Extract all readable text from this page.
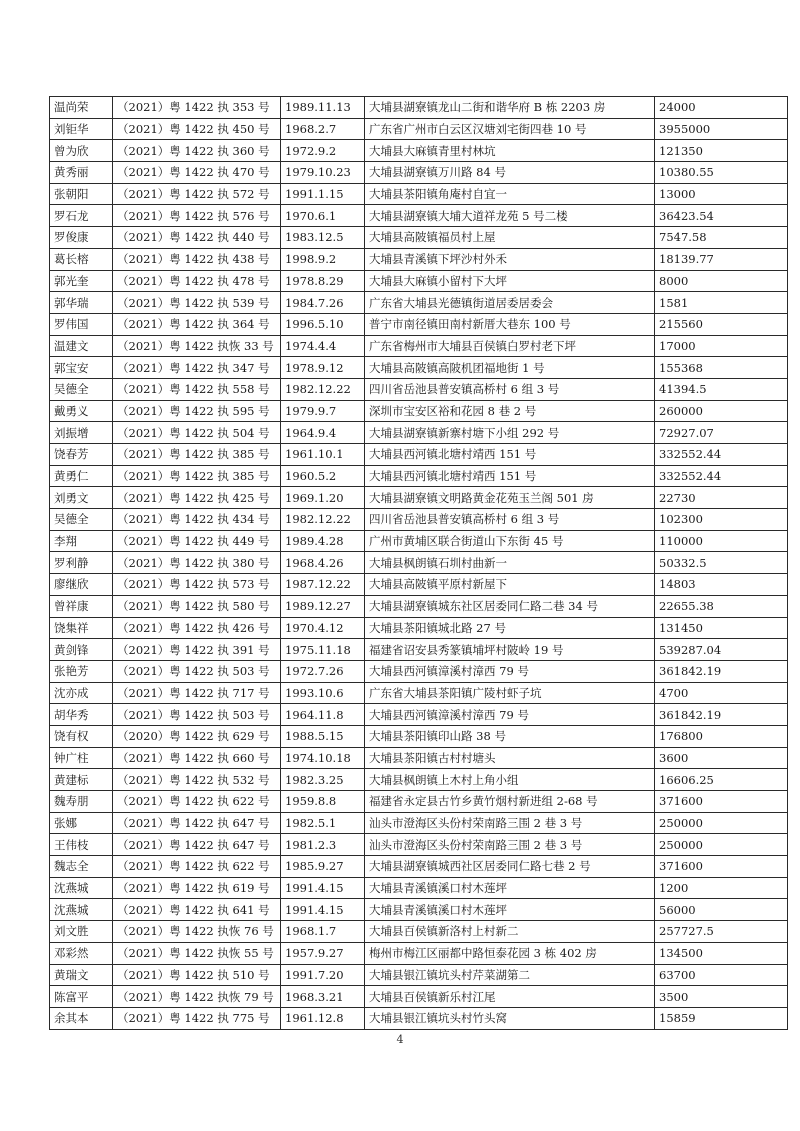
温尚荣	（2021）粤 1422 执 353 号	1989.11.13	大埔县湖寮镇龙山二街和谐华府 B 栋 2203 房	24000
刘钜华	（2021）粤 1422 执 450 号	1968.2.7	广东省广州市白云区汉塘刘宅街四巷 10 号	3955000
曾为欣	（2021）粤 1422 执 360 号	1972.9.2	大埔县大麻镇青里村林坑	121350
黄秀丽	（2021）粤 1422 执 470 号	1979.10.23	大埔县湖寮镇万川路 84 号	10380.55
张朝阳	（2021）粤 1422 执 572 号	1991.1.15	大埔县茶阳镇角庵村自宜一	13000
罗石龙	（2021）粤 1422 执 576 号	1970.6.1	大埔县湖寮镇大埔大道祥龙苑 5 号二楼	36423.54
罗俊康	（2021）粤 1422 执 440 号	1983.12.5	大埔县高陂镇福员村上屋	7547.58
葛长榕	（2021）粤 1422 执 438 号	1998.9.2	大埔县青溪镇下坪沙村外禾	18139.77
郭光奎	（2021）粤 1422 执 478 号	1978.8.29	大埔县大麻镇小留村下大坪	8000
郭华瑞	（2021）粤 1422 执 539 号	1984.7.26	广东省大埔县光德镇街道居委居委会	1581
罗伟国	（2021）粤 1422 执 364 号	1996.5.10	普宁市南径镇田南村新厝大巷东 100 号	215560
温建文	（2021）粤 1422 执恢 33 号	1974.4.4	广东省梅州市大埔县百侯镇白罗村老下坪	17000
郭宝安	（2021）粤 1422 执 347 号	1978.9.12	大埔县高陂镇高陂机团福地街 1 号	155368
吴德全	（2021）粤 1422 执 558 号	1982.12.22	四川省岳池县普安镇高桥村 6 组 3 号	41394.5
戴勇义	（2021）粤 1422 执 595 号	1979.9.7	深圳市宝安区裕和花园 8 巷 2 号	260000
刘振增	（2021）粤 1422 执 504 号	1964.9.4	大埔县湖寮镇新寨村塘下小组 292 号	72927.07
饶春芳	（2021）粤 1422 执 385 号	1961.10.1	大埔县西河镇北塘村靖西 151 号	332552.44
黄勇仁	（2021）粤 1422 执 385 号	1960.5.2	大埔县西河镇北塘村靖西 151 号	332552.44
刘勇文	（2021）粤 1422 执 425 号	1969.1.20	大埔县湖寮镇文明路黄金花苑玉兰阁 501 房	22730
吴德全	（2021）粤 1422 执 434 号	1982.12.22	四川省岳池县普安镇高桥村 6 组 3 号	102300
李翔	（2021）粤 1422 执 449 号	1989.4.28	广州市黄埔区联合街道山下东街 45 号	110000
罗利静	（2021）粤 1422 执 380 号	1968.4.26	大埔县枫朗镇石圳村曲新一	50332.5
廖继欣	（2021）粤 1422 执 573 号	1987.12.22	大埔县高陂镇平原村新屋下	14803
曾祥康	（2021）粤 1422 执 580 号	1989.12.27	大埔县湖寮镇城东社区居委同仁路二巷 34 号	22655.38
饶集祥	（2021）粤 1422 执 426 号	1970.4.12	大埔县茶阳镇城北路 27 号	131450
黄剑锋	（2021）粤 1422 执 391 号	1975.11.18	福建省诏安县秀篆镇埔坪村陂岭 19 号	539287.04
张艳芳	（2021）粤 1422 执 503 号	1972.7.26	大埔县西河镇漳溪村漳西 79 号	361842.19
沈亦成	（2021）粤 1422 执 717 号	1993.10.6	广东省大埔县茶阳镇广陵村虾子坑	4700
胡华秀	（2021）粤 1422 执 503 号	1964.11.8	大埔县西河镇漳溪村漳西 79 号	361842.19
饶有权	（2020）粤 1422 执 629 号	1988.5.15	大埔县茶阳镇印山路 38 号	176800
钟广柱	（2021）粤 1422 执 660 号	1974.10.18	大埔县茶阳镇古村村塘头	3600
黄建标	（2021）粤 1422 执 532 号	1982.3.25	大埔县枫朗镇上木村上角小组	16606.25
魏寿朋	（2021）粤 1422 执 622 号	1959.8.8	福建省永定县古竹乡黄竹烟村新进组 2-68 号	371600
张娜	（2021）粤 1422 执 647 号	1982.5.1	汕头市澄海区头份村荣南路三围 2 巷 3 号	250000
王伟枝	（2021）粤 1422 执 647 号	1981.2.3	汕头市澄海区头份村荣南路三围 2 巷 3 号	250000
魏志全	（2021）粤 1422 执 622 号	1985.9.27	大埔县湖寮镇城西社区居委同仁路七巷 2 号	371600
沈燕城	（2021）粤 1422 执 619 号	1991.4.15	大埔县青溪镇溪口村木莲坪	1200
沈燕城	（2021）粤 1422 执 641 号	1991.4.15	大埔县青溪镇溪口村木莲坪	56000
刘文胜	（2021）粤 1422 执恢 76 号	1968.1.7	大埔县百侯镇新洛村上村新二	257727.5
邓彩然	（2021）粤 1422 执恢 55 号	1957.9.27	梅州市梅江区丽都中路恒泰花园 3 栋 402 房	134500
黄瑞文	（2021）粤 1422 执 510 号	1991.7.20	大埔县银江镇坑头村芹菜湖第二	63700
陈富平	（2021）粤 1422 执恢 79 号	1968.3.21	大埔县百侯镇新乐村江尾	3500
余其本	（2021）粤 1422 执 775 号	1961.12.8	大埔县银江镇坑头村竹头窝	15859
4
